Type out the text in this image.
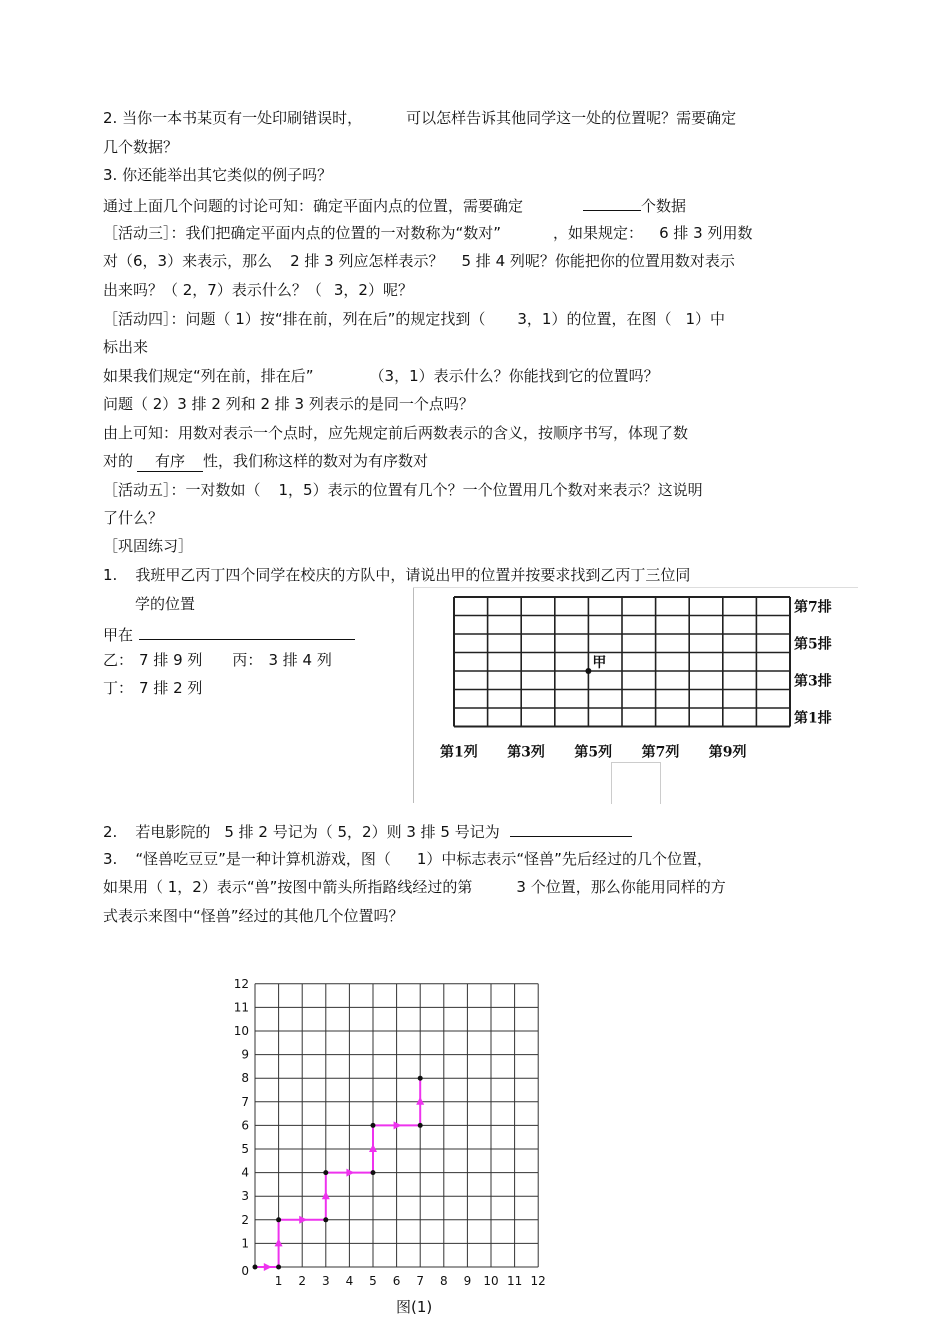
2. 当你一本书某页有一处印刷错误时，	可以怎样告诉其他同学这一处的位置呢？需要确定
几个数据？
3. 你还能举出其它类似的例子吗？
通过上面几个问题的讨论可知：确定平面内点的位置，需要确定	个数据
［活动三］：我们把确定平面内点的位置的一对数称为“数对”	，如果规定： 6 排 3 列用数
对（6，3）来表示，那么 2 排 3 列应怎样表示？ 5 排 4 列呢？你能把你的位置用数对表示
出来吗？（ 2，7）表示什么？（ 3，2）呢？
［活动四］：问题（ 1）按“排在前，列在后”的规定找到（ 3，1）的位置，在图（ 1）中
标出来
如果我们规定“列在前，排在后”	（3，1）表示什么？你能找到它的位置吗？
问题（ 2）3 排 2 列和 2 排 3 列表示的是同一个点吗？
由上可知：用数对表示一个点时，应先规定前后两数表示的含义，按顺序书写，体现了数
对的 有序 性，我们称这样的数对为有序数对
［活动五］：一对数如（ 1，5）表示的位置有几个？一个位置用几个数对来表示？这说明
了什么？
［巩固练习］
1. 我班甲乙丙丁四个同学在校庆的方队中，请说出甲的位置并按要求找到乙丙丁三位同
学的位置
甲在
乙： 7 排 9 列 丙： 3 排 4 列
丁： 7 排 2 列
第7排
第5排
第3排
第1排
第1列 第3列 第5列 第7列 第9列
甲
2. 若电影院的 5 排 2 号记为（ 5，2）则 3 排 5 号记为
3. “怪兽吃豆豆”是一种计算机游戏，图（ 1）中标志表示“怪兽”先后经过的几个位置，
如果用（ 1，2）表示“兽”按图中箭头所指路线经过的第	3 个位置，那么你能用同样的方
式表示来图中“怪兽”经过的其他几个位置吗？
1 2 3 4 5 6 7 8 9 10 11 12
0
1
2
3
4
5
6
7
8
9
10
11
12
图(1)
